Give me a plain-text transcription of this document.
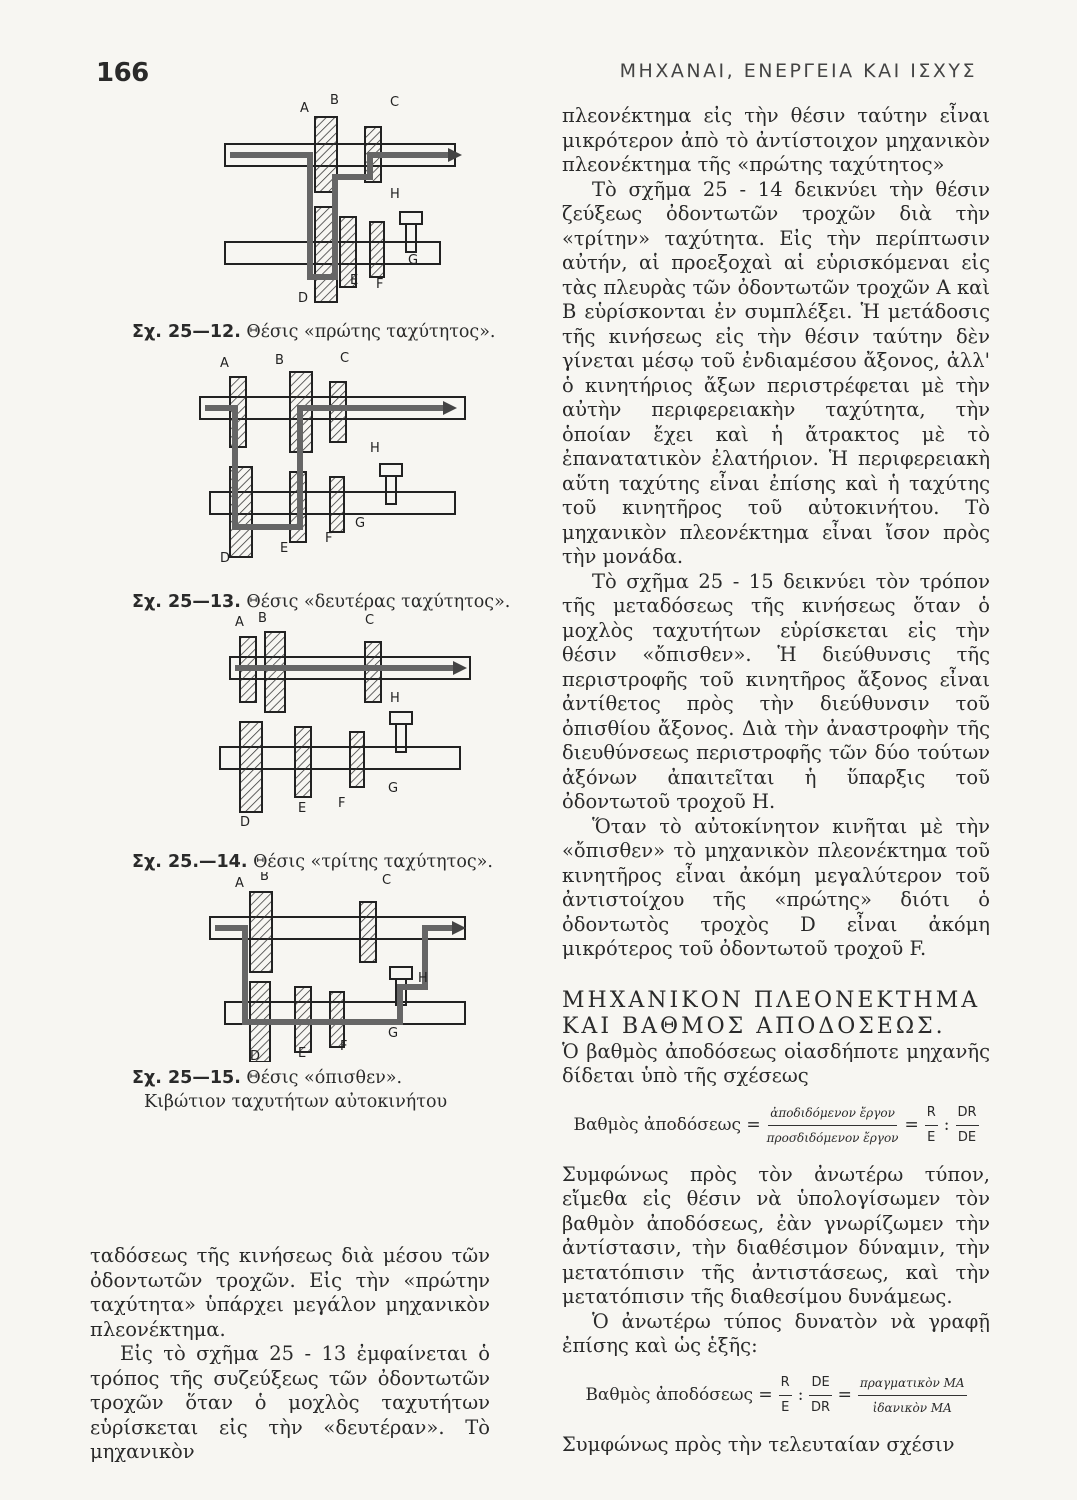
166	ΜΗΧΑΝΑΙ, ΕΝΕΡΓΕΙΑ ΚΑΙ ΙΣΧΥΣ
A
B	C
H
D
E F
G
Σχ. 25—12. Θέσις «πρώτης ταχύτητος».
A	B	C
H
D
E
F
G
Σχ. 25—13. Θέσις «δευτέρας ταχύτητος».
A B	C
H
D
E F
G
Σχ. 25.—14. Θέσις «τρίτης ταχύτητος».
A B	C
H
D	E	F
G
Σχ. 25—15. Θέσις «όπισθεν».
Κιβώτιον ταχυτήτων αὐτοκινήτου

ταδόσεως τῆς κινήσεως διὰ μέσου τῶν ὀδοντωτῶν τροχῶν. Εἰς τὴν «πρώτην ταχύτητα» ὑπάρχει μεγάλον μηχανικὸν πλεονέκτημα.

Εἰς τὸ σχῆμα 25 - 13 ἐμφαίνεται ὁ τρόπος τῆς συζεύξεως τῶν ὀδοντωτῶν τροχῶν ὅταν ὁ μοχλὸς ταχυτήτων εὑρίσκεται εἰς τὴν «δευτέραν». Τὸ μηχανικὸν

πλεονέκτημα εἰς τὴν θέσιν ταύτην εἶναι μικρότερον ἀπὸ τὸ ἀντίστοιχον μηχανικὸν πλεονέκτημα τῆς «πρώτης ταχύτητος»

Τὸ σχῆμα 25 - 14 δεικνύει τὴν θέσιν ζεύξεως ὀδοντωτῶν τροχῶν διὰ τὴν «τρίτην» ταχύτητα. Εἰς τὴν περίπτωσιν αὐτήν, αἱ προεξοχαὶ αἱ εὑρισκόμεναι εἰς τὰς πλευρὰς τῶν ὀδοντωτῶν τροχῶν Α καὶ Β εὑρίσκονται ἐν συμπλέξει. Ἡ μετάδοσις τῆς κινήσεως εἰς τὴν θέσιν ταύτην δὲν γίνεται μέσῳ τοῦ ἐνδιαμέσου ἄξονος, ἀλλ' ὁ κινητήριος ἄξων περιστρέφεται μὲ τὴν αὐτὴν περιφερειακὴν ταχύτητα, τὴν ὁποίαν ἔχει καὶ ἡ ἄτρακτος μὲ τὸ ἐπανατατικὸν ἐλατήριον. Ἡ περιφερειακὴ αὕτη ταχύτης εἶναι ἐπίσης καὶ ἡ ταχύτης τοῦ κινητῆρος τοῦ αὐτοκινήτου. Τὸ μηχανικὸν πλεονέκτημα εἶναι ἴσον πρὸς τὴν μονάδα.

Τὸ σχῆμα 25 - 15 δεικνύει τὸν τρόπον τῆς μεταδόσεως τῆς κινήσεως ὅταν ὁ μοχλὸς ταχυτήτων εὑρίσκεται εἰς τὴν θέσιν «ὄπισθεν». Ἡ διεύθυνσις τῆς περιστροφῆς τοῦ κινητῆρος ἄξονος εἶναι ἀντίθετος πρὸς τὴν διεύθυνσιν τοῦ ὀπισθίου ἄξονος. Διὰ τὴν ἀναστροφὴν τῆς διευθύνσεως περιστροφῆς τῶν δύο τούτων ἀξόνων ἀπαιτεῖται ἡ ὕπαρξις τοῦ ὀδοντωτοῦ τροχοῦ Η.

Ὅταν τὸ αὐτοκίνητον κινῆται μὲ τὴν «ὄπισθεν» τὸ μηχανικὸν πλεονέκτημα τοῦ κινητῆρος εἶναι ἀκόμη μεγαλύτερον τοῦ ἀντιστοίχου τῆς «πρώτης» διότι ὁ ὀδοντωτὸς τροχὸς D εἶναι ἀκόμη μικρότερος τοῦ ὀδοντωτοῦ τροχοῦ F.

ΜΗΧΑΝΙΚΟΝ ΠΛΕΟΝΕΚΤΗΜΑ ΚΑΙ ΒΑΘΜΟΣ ΑΠΟΔΟΣΕΩΣ.

Ὁ βαθμὸς ἀποδόσεως οἱασδήποτε μηχανῆς δίδεται ὑπὸ τῆς σχέσεως

Βαθμὸς ἀποδόσεως = $\frac{\text{ἀποδιδόμενον ἔργον}}{\text{προσδιδόμενον ἔργον}} = \frac{R}{E}$ : $\frac{DR}{DE}$

Συμφώνως πρὸς τὸν ἀνωτέρω τύπον, εἴμεθα εἰς θέσιν νὰ ὑπολογίσωμεν τὸν βαθμὸν ἀποδόσεως, ἐὰν γνωρίζωμεν τὴν ἀντίστασιν, τὴν διαθέσιμον δύναμιν, τὴν μετατόπισιν τῆς ἀντιστάσεως, καὶ τὴν μετατόπισιν τῆς διαθεσίμου δυνάμεως.

Ὁ ἀνωτέρω τύπος δυνατὸν νὰ γραφῇ ἐπίσης καὶ ὡς ἑξῆς:

Βαθμὸς ἀποδόσεως = $\frac{R}{E}$ : $\frac{DE}{DR} = \frac{\text{πραγματικὸν ΜΑ}}{\text{ἰδανικὸν ΜΑ}}$

Συμφώνως πρὸς τὴν τελευταίαν σχέσιν
